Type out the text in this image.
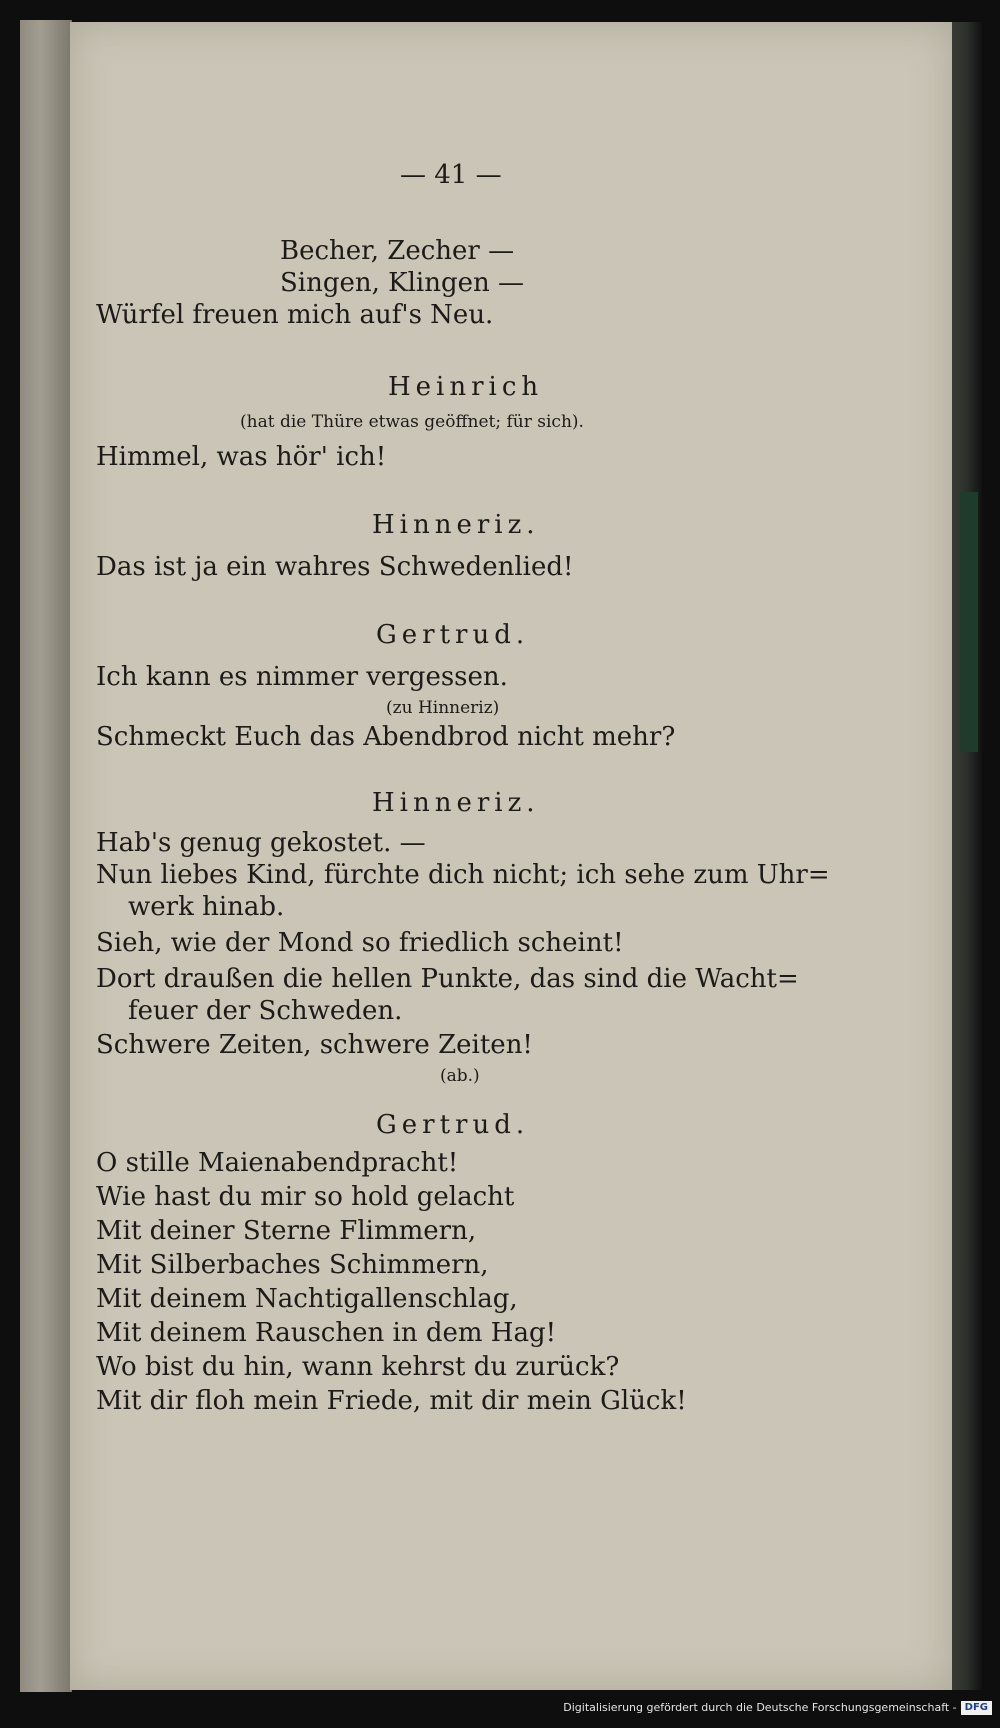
— 41 —
Becher, Zecher —
Singen, Klingen —
Würfel freuen mich auf's Neu.
Heinrich
(hat die Thüre etwas geöffnet; für sich).
Himmel, was hör' ich!
Hinneriz.
Das ist ja ein wahres Schwedenlied!
Gertrud.
Ich kann es nimmer vergessen.
(zu Hinneriz)
Schmeckt Euch das Abendbrod nicht mehr?
Hinneriz.
Hab's genug gekostet. —
Nun liebes Kind, fürchte dich nicht; ich sehe zum Uhr=
werk hinab.
Sieh, wie der Mond so friedlich scheint!
Dort draußen die hellen Punkte, das sind die Wacht=
feuer der Schweden.
Schwere Zeiten, schwere Zeiten!
(ab.)
Gertrud.
O stille Maienabendpracht!
Wie hast du mir so hold gelacht
Mit deiner Sterne Flimmern,
Mit Silberbaches Schimmern,
Mit deinem Nachtigallenschlag,
Mit deinem Rauschen in dem Hag!
Wo bist du hin, wann kehrst du zurück?
Mit dir floh mein Friede, mit dir mein Glück!
Digitalisierung gefördert durch die Deutsche Forschungsgemeinschaft - DFG
